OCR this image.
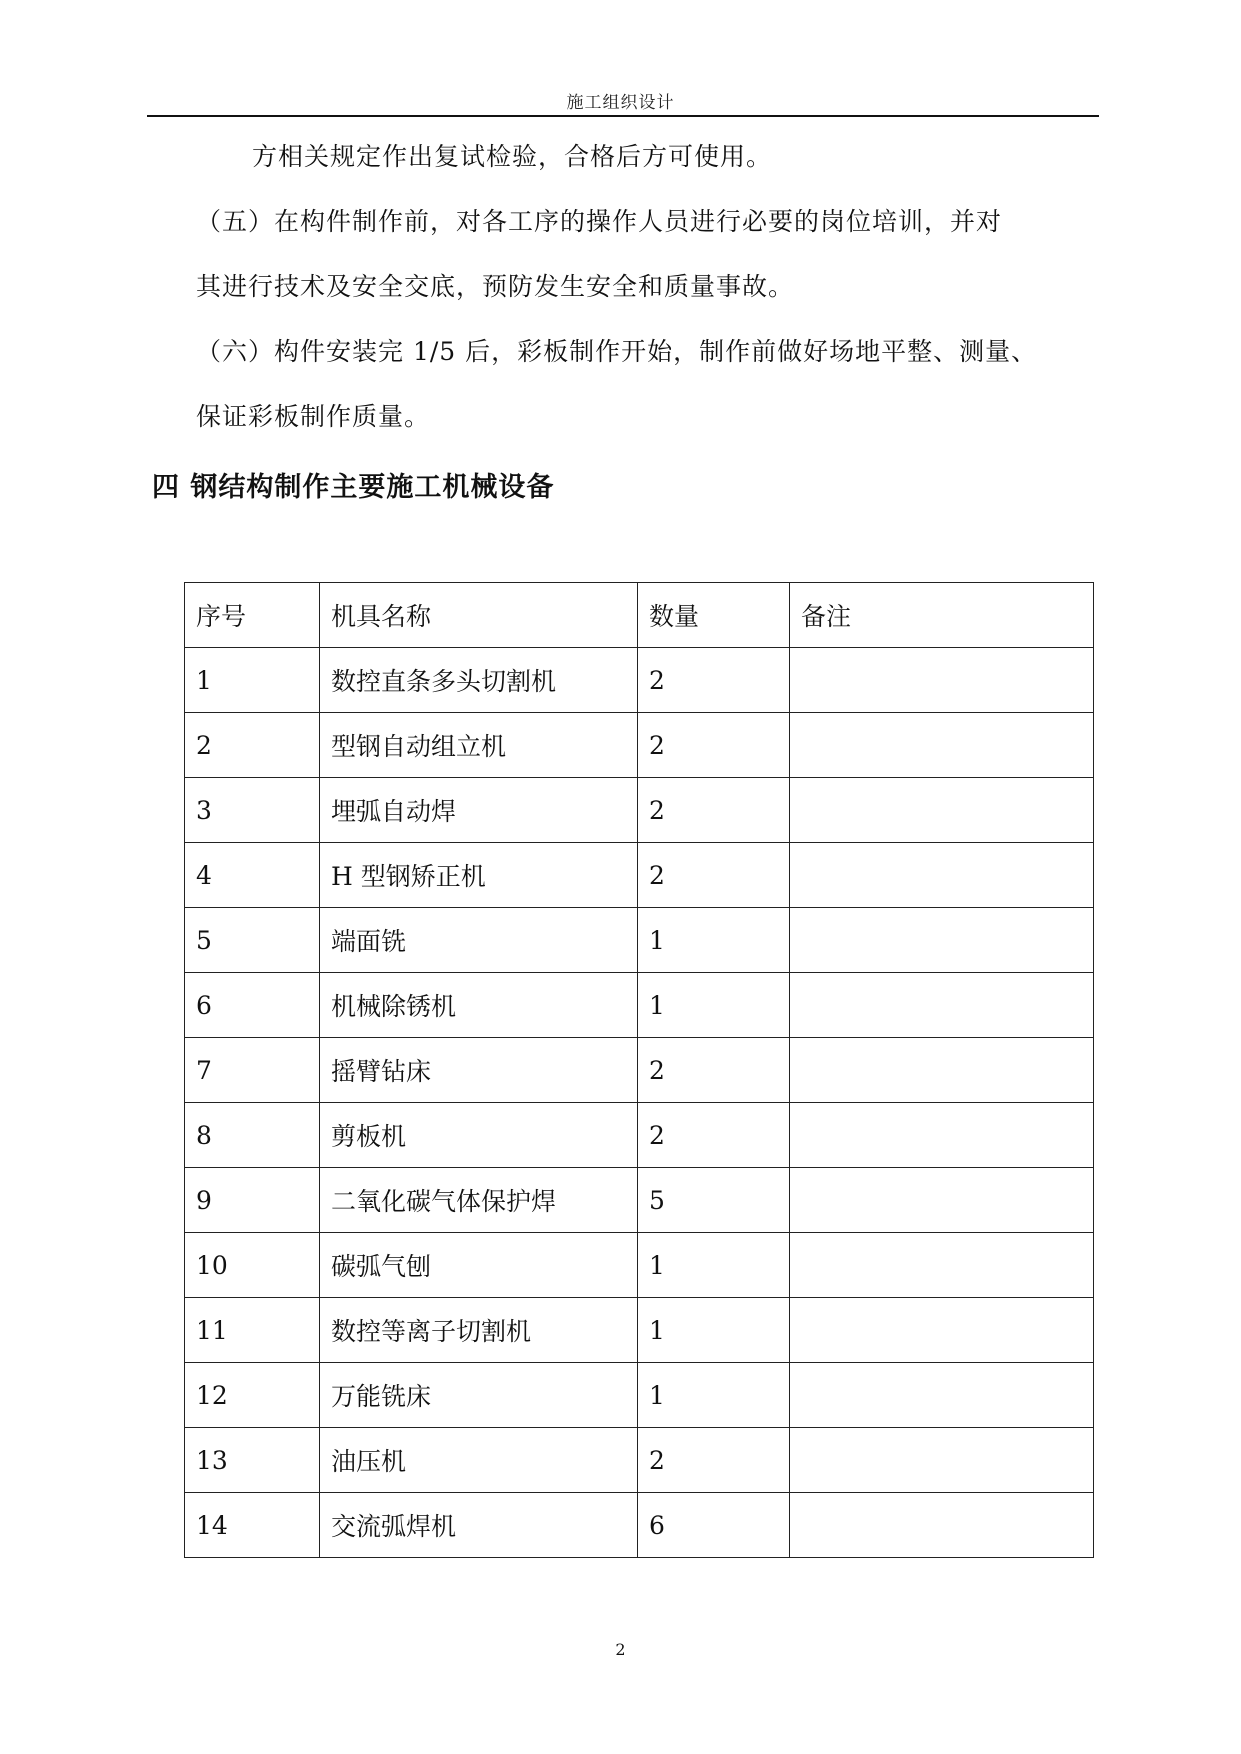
施工组织设计
方相关规定作出复试检验，合格后方可使用。
（五）在构件制作前，对各工序的操作人员进行必要的岗位培训，并对
其进行技术及安全交底，预防发生安全和质量事故。
（六）构件安装完 1/5 后，彩板制作开始，制作前做好场地平整、测量、
保证彩板制作质量。
四 钢结构制作主要施工机械设备
序号	机具名称	数量	备注
1	数控直条多头切割机	2	
2	型钢自动组立机	2	
3	埋弧自动焊	2	
4	H 型钢矫正机	2	
5	端面铣	1	
6	机械除锈机	1	
7	摇臂钻床	2	
8	剪板机	2	
9	二氧化碳气体保护焊	5	
10	碳弧气刨	1	
11	数控等离子切割机	1	
12	万能铣床	1	
13	油压机	2	
14	交流弧焊机	6	
2
